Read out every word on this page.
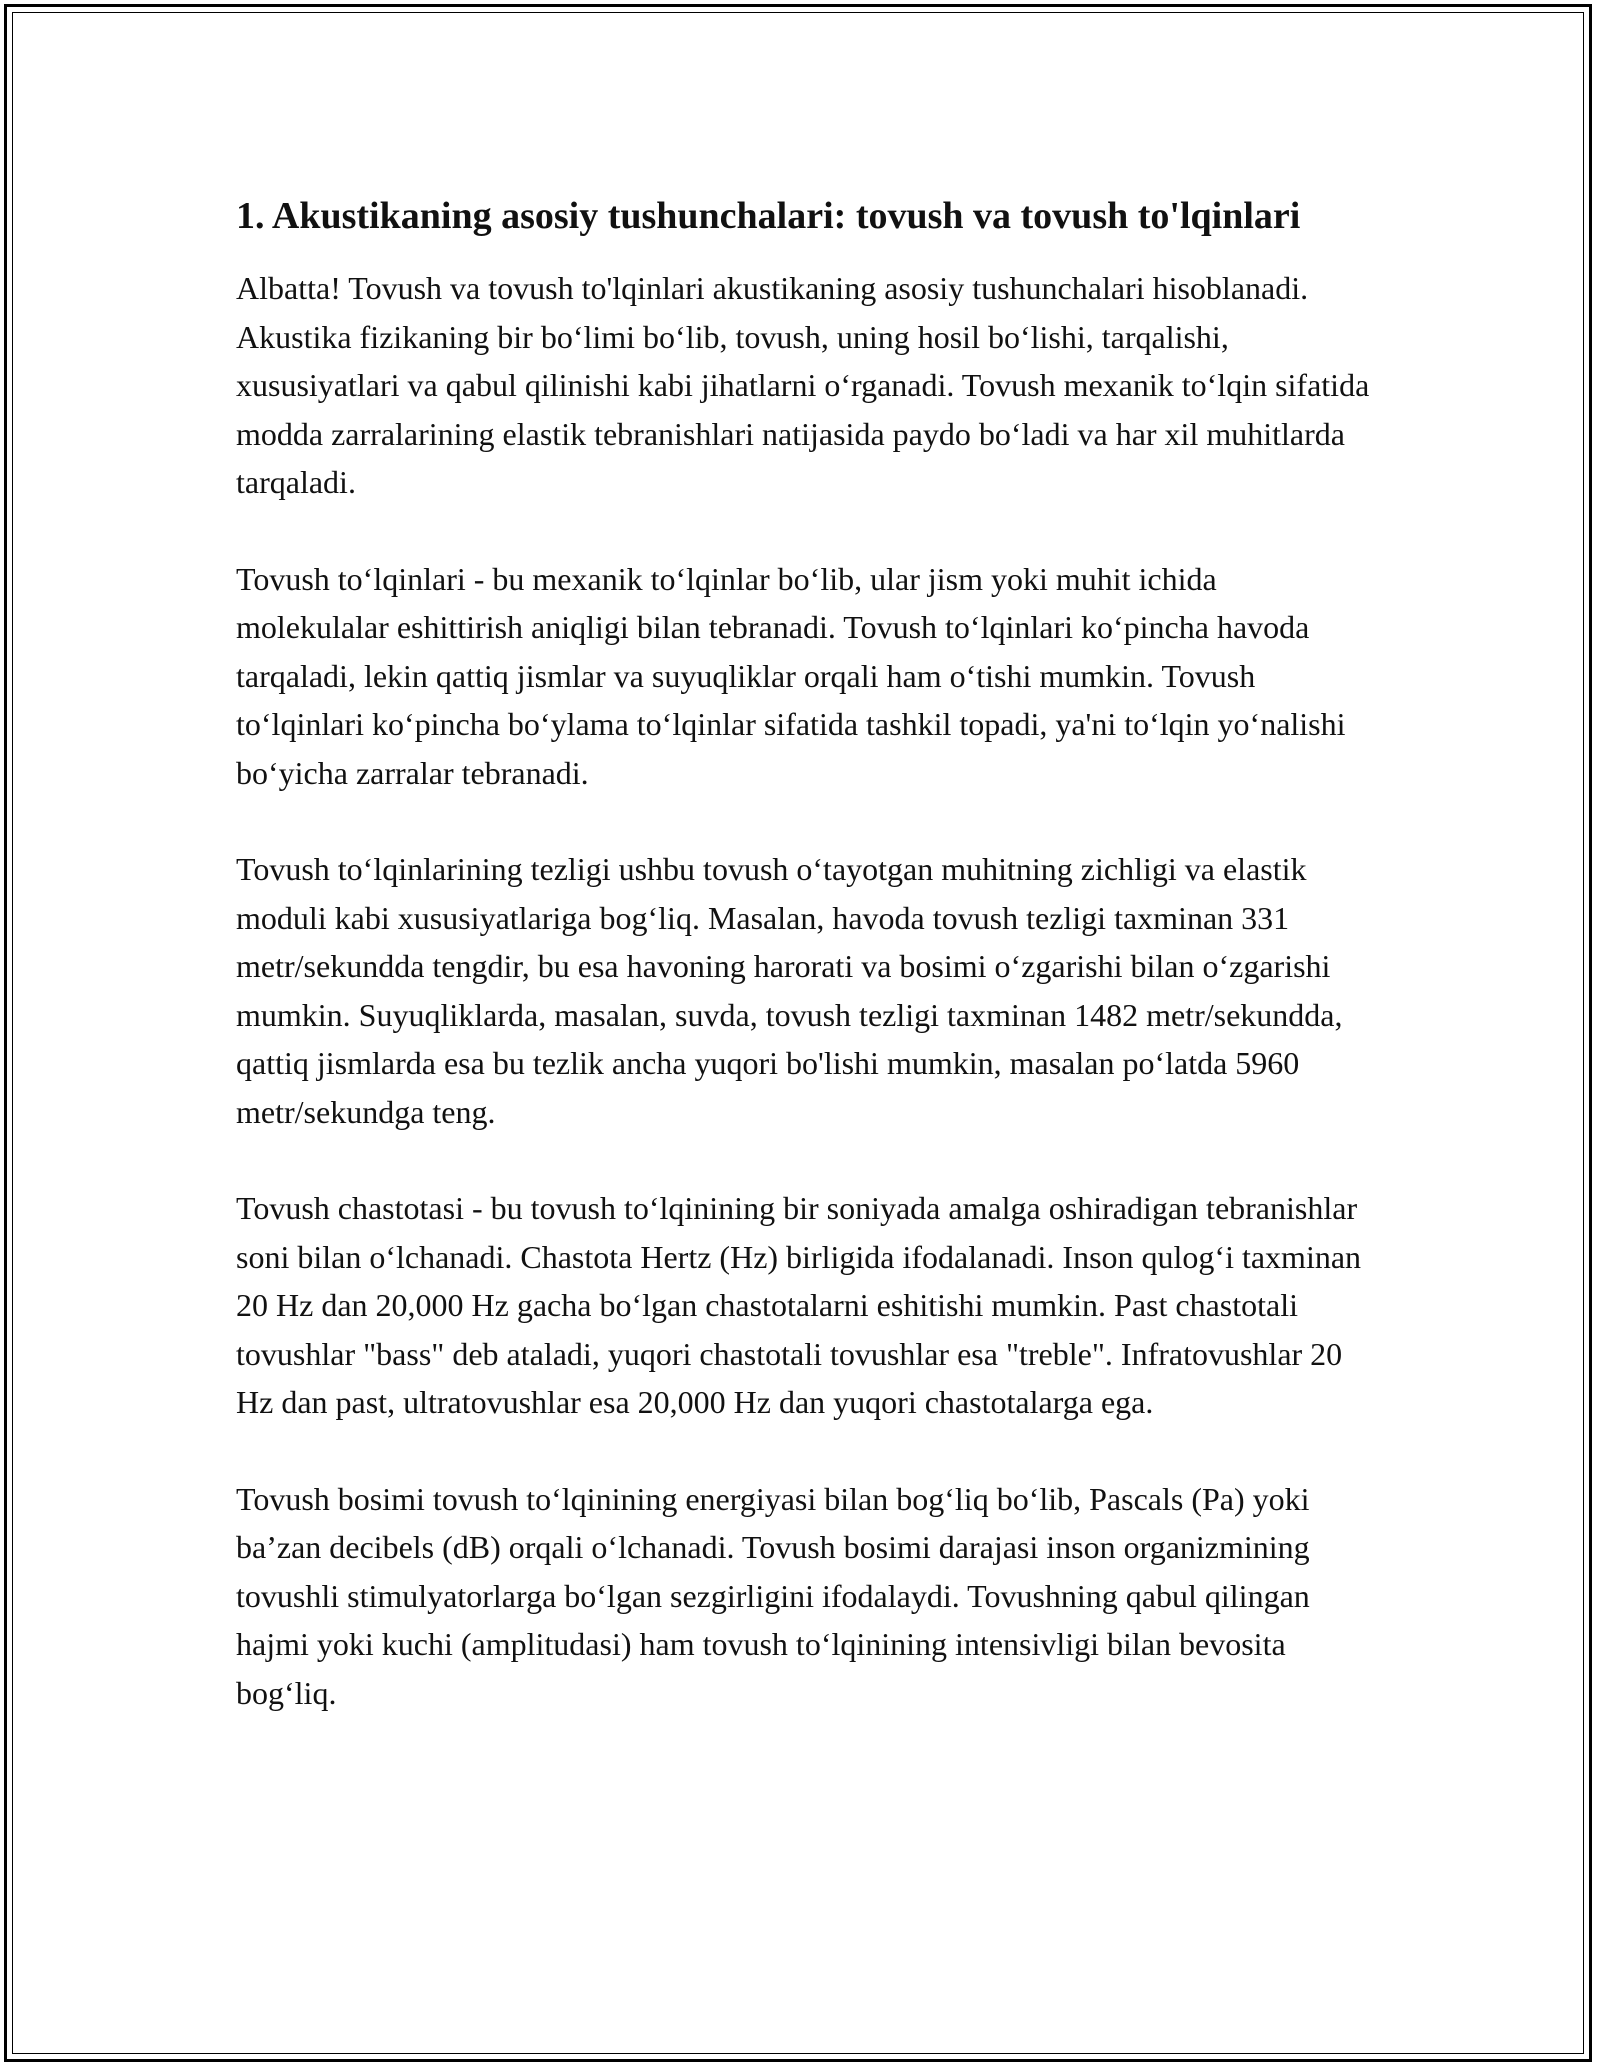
1. Akustikaning asosiy tushunchalari: tovush va tovush to'lqinlari

Albatta! Tovush va tovush to'lqinlari akustikaning asosiy tushunchalari hisoblanadi. Akustika fizikaning bir bo‘limi bo‘lib, tovush, uning hosil bo‘lishi, tarqalishi, xususiyatlari va qabul qilinishi kabi jihatlarni o‘rganadi. Tovush mexanik to‘lqin sifatida modda zarralarining elastik tebranishlari natijasida paydo bo‘ladi va har xil muhitlarda tarqaladi.

Tovush to‘lqinlari - bu mexanik to‘lqinlar bo‘lib, ular jism yoki muhit ichida molekulalar eshittirish aniqligi bilan tebranadi. Tovush to‘lqinlari ko‘pincha havoda tarqaladi, lekin qattiq jismlar va suyuqliklar orqali ham o‘tishi mumkin. Tovush to‘lqinlari ko‘pincha bo‘ylama to‘lqinlar sifatida tashkil topadi, ya'ni to‘lqin yo‘nalishi bo‘yicha zarralar tebranadi.

Tovush to‘lqinlarining tezligi ushbu tovush o‘tayotgan muhitning zichligi va elastik moduli kabi xususiyatlariga bog‘liq. Masalan, havoda tovush tezligi taxminan 331 metr/sekundda tengdir, bu esa havoning harorati va bosimi o‘zgarishi bilan o‘zgarishi mumkin. Suyuqliklarda, masalan, suvda, tovush tezligi taxminan 1482 metr/sekundda, qattiq jismlarda esa bu tezlik ancha yuqori bo'lishi mumkin, masalan po‘latda 5960 metr/sekundga teng.

Tovush chastotasi - bu tovush to‘lqinining bir soniyada amalga oshiradigan tebranishlar soni bilan o‘lchanadi. Chastota Hertz (Hz) birligida ifodalanadi. Inson qulog‘i taxminan 20 Hz dan 20,000 Hz gacha bo‘lgan chastotalarni eshitishi mumkin. Past chastotali tovushlar "bass" deb ataladi, yuqori chastotali tovushlar esa "treble". Infratovushlar 20 Hz dan past, ultratovushlar esa 20,000 Hz dan yuqori chastotalarga ega.

Tovush bosimi tovush to‘lqinining energiyasi bilan bog‘liq bo‘lib, Pascals (Pa) yoki ba’zan decibels (dB) orqali o‘lchanadi. Tovush bosimi darajasi inson organizmining tovushli stimulyatorlarga bo‘lgan sezgirligini ifodalaydi. Tovushning qabul qilingan hajmi yoki kuchi (amplitudasi) ham tovush to‘lqinining intensivligi bilan bevosita bog‘liq.
